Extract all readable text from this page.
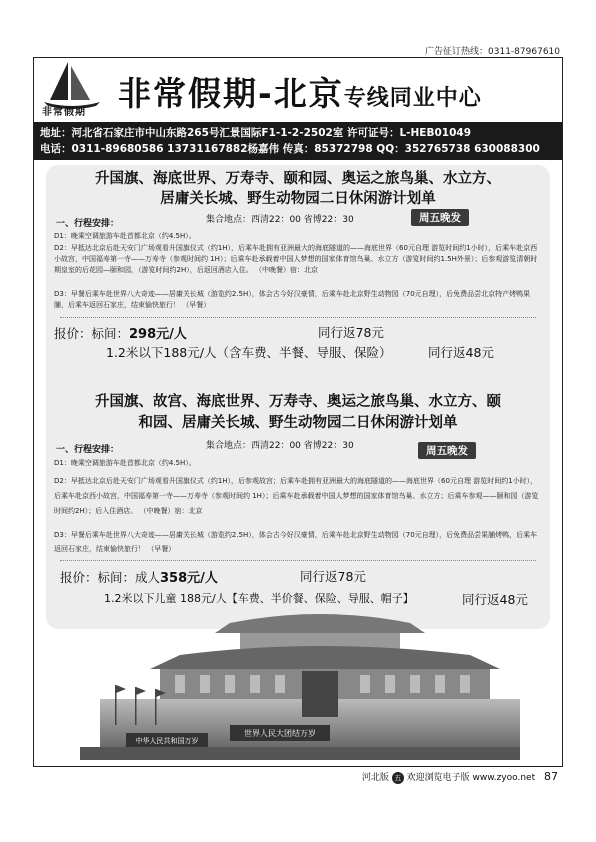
广告征订热线：0311-87967610
非常假期 非常假期-北京专线同业中心
地址：河北省石家庄市中山东路265号汇景国际F1-1-2-2502室 许可证号：L-HEB01049
电话：0311-89680586 13731167882杨嘉伟 传真：85372798 QQ：352765738 630088300
升国旗、海底世界、万寿寺、颐和园、奥运之旅鸟巢、水立方、
居庸关长城、野生动物园二日休闲游计划单
一、行程安排：	集合地点：西清22：00 省博22：30	周五晚发
D1：晚乘空调旅游车赴首都北京（约4.5H）。
D2：早抵达北京后赴天安门广场观看升国旗仪式（约1H），后乘车赴拥有亚洲最大的海底隧道的——海底世界（60元自理 游览时间约1小时），后乘车赴京西小故宫，中国福寿第一寺——万寿寺（参观时间约 1H）；后乘车赴承载着中国人梦想的国家体育馆鸟巢、水立方（游览时间约1.5H外景）；后参观游览清朝时期皇室的后花园—颐和园，（游览时间约2H），后返回酒店入住。 （中晚餐）宿：北京
D3：早餐后乘车赴世界八大奇迹——居庸关长城（游览约2.5H），体会古今好汉豪情，后乘车赴北京野生动物园（70元自理），后免费品尝北京特产烤鸭果脯，后乘车返回石家庄，结束愉快旅行！ （早餐）
报价：标间：298元/人	同行返78元
1.2米以下188元/人（含车费、半餐、导服、保险）	同行返48元
升国旗、故宫、海底世界、万寿寺、奥运之旅鸟巢、水立方、颐
和园、居庸关长城、野生动物园二日休闲游计划单
一、行程安排：	集合地点：西清22：00 省博22：30	周五晚发
D1：晚乘空调旅游车赴首都北京（约4.5H）。
D2：早抵达北京后赴天安门广场观看升国旗仪式（约1H），后参观故宫；后乘车赴拥有亚洲最大的海底隧道的——海底世界（60元自理 游览时间约1小时），后乘车赴京西小故宫，中国福寿第一寺——万寿寺（参观时间约 1H）；后乘车赴承载着中国人梦想的国家体育馆鸟巢、水立方；后乘车参观——颐和园（游览时间约2H）；后入住酒店。 （中晚餐）宿：北京
D3：早餐后乘车赴世界八大奇迹——居庸关长城（游览约2.5H），体会古今好汉豪情，后乘车赴北京野生动物园（70元自理），后免费品尝果脯烤鸭，后乘车返回石家庄，结束愉快旅行！ （早餐）
报价：标间：成人358元/人	同行返78元
1.2米以下儿童 188元/人【车费、半价餐、保险、导服、帽子】	同行返48元
中华人民共和国万岁
世界人民大团结万岁
河北版 五 欢迎浏览电子版 www.zyoo.net 87
